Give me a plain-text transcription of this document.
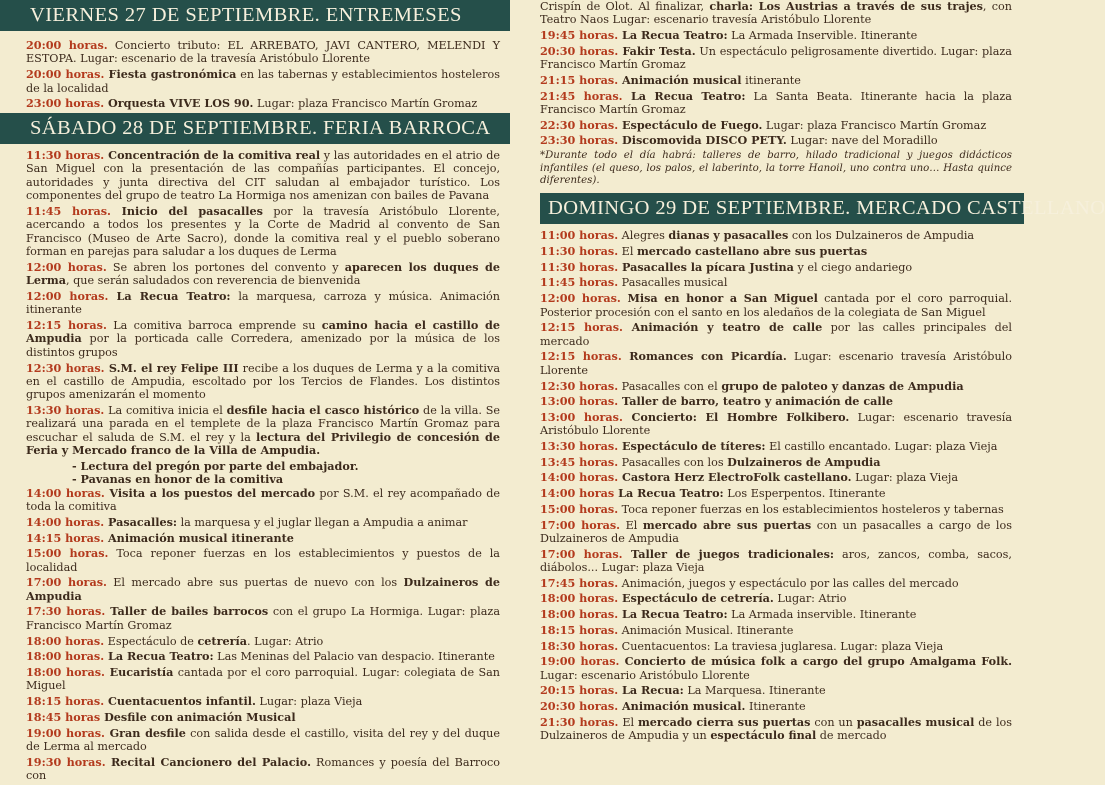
VIERNES 27 DE SEPTIEMBRE. ENTREMESES
20:00 horas. Concierto tributo: EL ARREBATO, JAVI CANTERO, MELENDI Y ESTOPA. Lugar: escenario de la travesía Aristóbulo Llorente
20:00 horas. Fiesta gastronómica en las tabernas y establecimientos hosteleros de la localidad
23:00 horas. Orquesta VIVE LOS 90. Lugar: plaza Francisco Martín Gromaz
SÁBADO 28 DE SEPTIEMBRE. FERIA BARROCA
11:30 horas. Concentración de la comitiva real y las autoridades en el atrio de San Miguel con la presentación de las compañías participantes. El concejo, autoridades y junta directiva del CIT saludan al embajador turístico. Los componentes del grupo de teatro La Hormiga nos amenizan con bailes de Pavana
11:45 horas. Inicio del pasacalles por la travesía Aristóbulo Llorente, acercando a todos los presentes y la Corte de Madrid al convento de San Francisco (Museo de Arte Sacro), donde la comitiva real y el pueblo soberano forman en parejas para saludar a los duques de Lerma
12:00 horas. Se abren los portones del convento y aparecen los duques de Lerma, que serán saludados con reverencia de bienvenida
12:00 horas. La Recua Teatro: la marquesa, carroza y música. Animación itinerante
12:15 horas. La comitiva barroca emprende su camino hacia el castillo de Ampudia por la porticada calle Corredera, amenizado por la música de los distintos grupos
12:30 horas. S.M. el rey Felipe III recibe a los duques de Lerma y a la comitiva en el castillo de Ampudia, escoltado por los Tercios de Flandes. Los distintos grupos amenizarán el momento
13:30 horas. La comitiva inicia el desfile hacia el casco histórico de la villa. Se realizará una parada en el templete de la plaza Francisco Martín Gromaz para escuchar el saluda de S.M. el rey y la lectura del Privilegio de concesión de Feria y Mercado franco de la Villa de Ampudia.
- Lectura del pregón por parte del embajador.
- Pavanas en honor de la comitiva
14:00 horas. Visita a los puestos del mercado por S.M. el rey acompañado de toda la comitiva
14:00 horas. Pasacalles: la marquesa y el juglar llegan a Ampudia a animar
14:15 horas. Animación musical itinerante
15:00 horas. Toca reponer fuerzas en los establecimientos y puestos de la localidad
17:00 horas. El mercado abre sus puertas de nuevo con los Dulzaineros de Ampudia
17:30 horas. Taller de bailes barrocos con el grupo La Hormiga. Lugar: plaza Francisco Martín Gromaz
18:00 horas. Espectáculo de cetrería. Lugar: Atrio
18:00 horas. La Recua Teatro: Las Meninas del Palacio van despacio. Itinerante
18:00 horas. Eucaristía cantada por el coro parroquial. Lugar: colegiata de San Miguel
18:15 horas. Cuentacuentos infantil. Lugar: plaza Vieja
18:45 horas Desfile con animación Musical
19:00 horas. Gran desfile con salida desde el castillo, visita del rey y del duque de Lerma al mercado
19:30 horas. Recital Cancionero del Palacio. Romances y poesía del Barroco con
Crispín de Olot. Al finalizar, charla: Los Austrias a través de sus trajes, con Teatro Naos Lugar: escenario travesía Aristóbulo Llorente
19:45 horas. La Recua Teatro: La Armada Inservible. Itinerante
20:30 horas. Fakir Testa. Un espectáculo peligrosamente divertido. Lugar: plaza Francisco Martín Gromaz
21:15 horas. Animación musical itinerante
21:45 horas. La Recua Teatro: La Santa Beata. Itinerante hacia la plaza Francisco Martín Gromaz
22:30 horas. Espectáculo de Fuego. Lugar: plaza Francisco Martín Gromaz
23:30 horas. Discomovida DISCO PETY. Lugar: nave del Moradillo
*Durante todo el día habrá: talleres de barro, hilado tradicional y juegos didácticos infantiles (el queso, los palos, el laberinto, la torre Hanoil, uno contra uno… Hasta quince diferentes).
DOMINGO 29 DE SEPTIEMBRE. MERCADO CASTELLANO
11:00 horas. Alegres dianas y pasacalles con los Dulzaineros de Ampudia
11:30 horas. El mercado castellano abre sus puertas
11:30 horas. Pasacalles la pícara Justina y el ciego andariego
11:45 horas. Pasacalles musical
12:00 horas. Misa en honor a San Miguel cantada por el coro parroquial. Posterior procesión con el santo en los aledaños de la colegiata de San Miguel
12:15 horas. Animación y teatro de calle por las calles principales del mercado
12:15 horas. Romances con Picardía. Lugar: escenario travesía Aristóbulo Llorente
12:30 horas. Pasacalles con el grupo de paloteo y danzas de Ampudia
13:00 horas. Taller de barro, teatro y animación de calle
13:00 horas. Concierto: El Hombre Folkibero. Lugar: escenario travesía Aristóbulo Llorente
13:30 horas. Espectáculo de títeres: El castillo encantado. Lugar: plaza Vieja
13:45 horas. Pasacalles con los Dulzaineros de Ampudia
14:00 horas. Castora Herz ElectroFolk castellano. Lugar: plaza Vieja
14:00 horas La Recua Teatro: Los Esperpentos. Itinerante
15:00 horas. Toca reponer fuerzas en los establecimientos hosteleros y tabernas
17:00 horas. El mercado abre sus puertas con un pasacalles a cargo de los Dulzaineros de Ampudia
17:00 horas. Taller de juegos tradicionales: aros, zancos, comba, sacos, diábolos... Lugar: plaza Vieja
17:45 horas. Animación, juegos y espectáculo por las calles del mercado
18:00 horas. Espectáculo de cetrería. Lugar: Atrio
18:00 horas. La Recua Teatro: La Armada inservible. Itinerante
18:15 horas. Animación Musical. Itinerante
18:30 horas. Cuentacuentos: La traviesa juglaresa. Lugar: plaza Vieja
19:00 horas. Concierto de música folk a cargo del grupo Amalgama Folk. Lugar: escenario Aristóbulo Llorente
20:15 horas. La Recua: La Marquesa. Itinerante
20:30 horas. Animación musical. Itinerante
21:30 horas. El mercado cierra sus puertas con un pasacalles musical de los Dulzaineros de Ampudia y un espectáculo final de mercado
